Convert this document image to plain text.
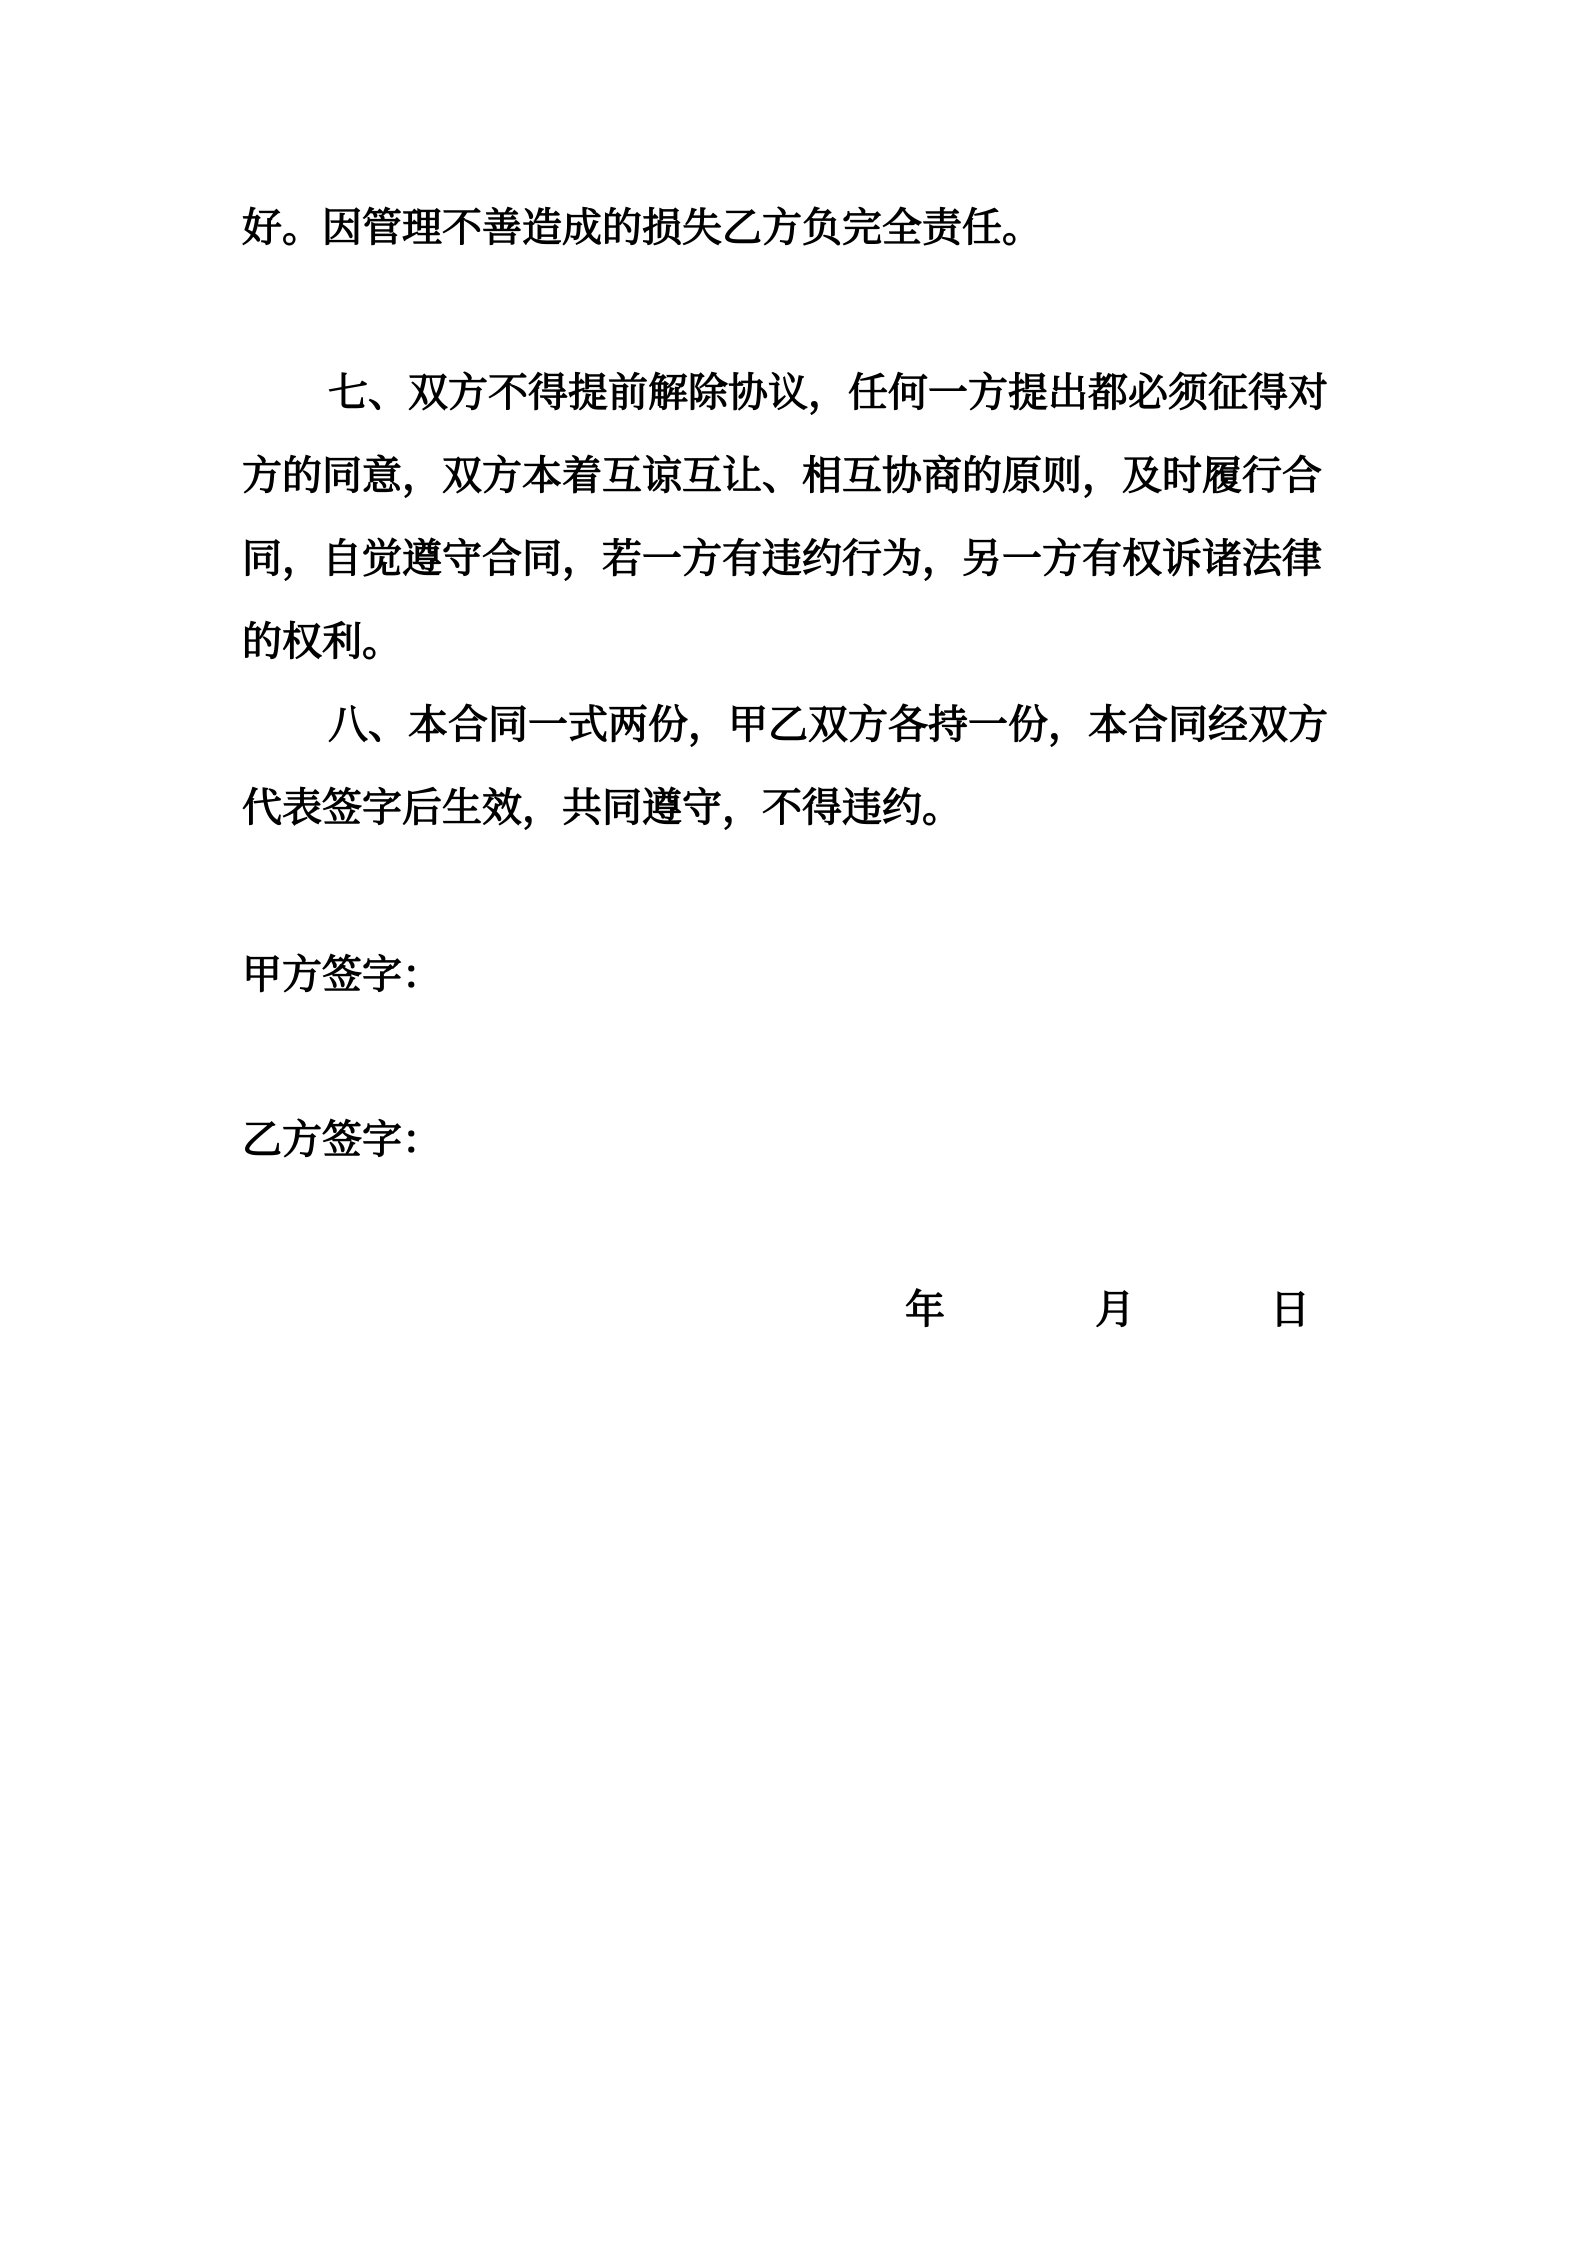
好。因管理不善造成的损失乙方负完全责任。
七、双方不得提前解除协议，任何一方提出都必须征得对
方的同意，双方本着互谅互让、相互协商的原则，及时履行合
同，自觉遵守合同，若一方有违约行为，另一方有权诉诸法律
的权利。
八、本合同一式两份，甲乙双方各持一份，本合同经双方
代表签字后生效，共同遵守，不得违约。
甲方签字：
乙方签字：
年	月	日
